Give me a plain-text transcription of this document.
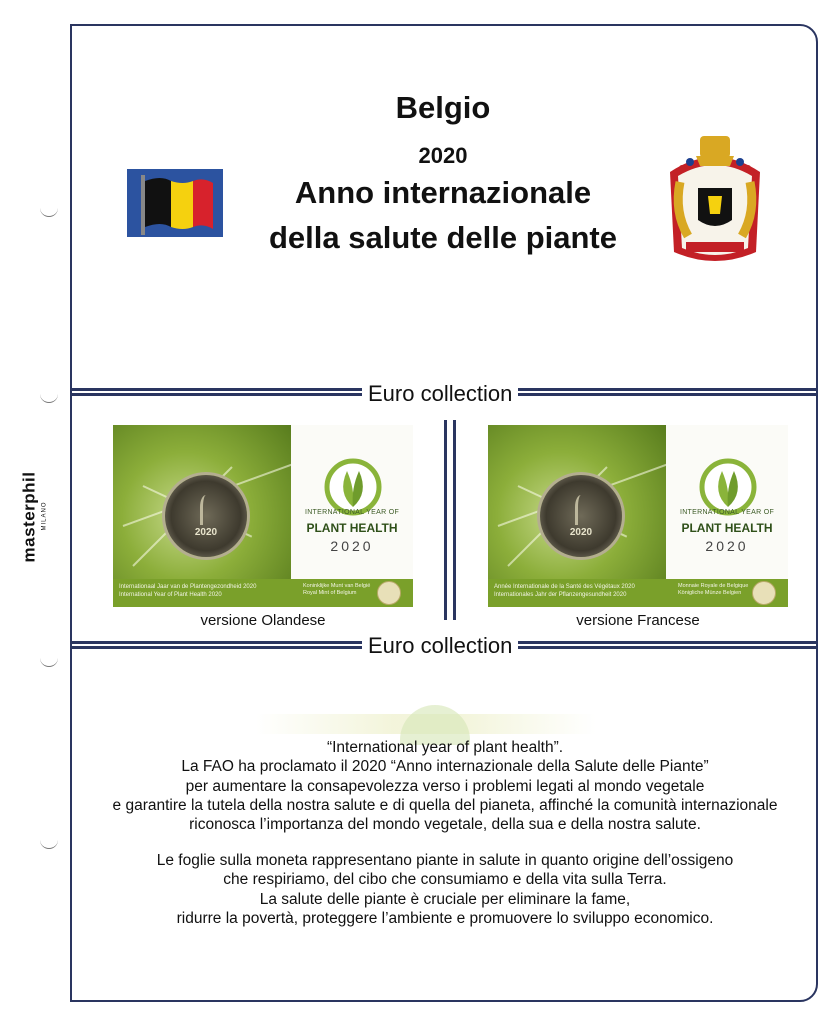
masterphil MILANO
Belgio
2020
Anno internazionale
della salute delle piante
Euro collection
INTERNATIONAL YEAR OF
PLANT HEALTH
2020
Internationaal Jaar van de Plantengezondheid 2020
International Year of Plant Health 2020
Koninklijke Munt van België
Royal Mint of Belgium
2020
INTERNATIONAL YEAR OF
PLANT HEALTH
2020
Année Internationale de la Santé des Végétaux 2020
Internationales Jahr der Pflanzengesundheit 2020
Monnaie Royale de Belgique
Königliche Münze Belgien
2020
versione Olandese	versione Francese
Euro collection
“International year of plant health”.
La FAO ha proclamato il 2020 “Anno internazionale della Salute delle Piante”
per aumentare la consapevolezza verso i problemi legati al mondo vegetale
e garantire la tutela della nostra salute e di quella del pianeta, affinché la comunità internazionale
riconosca l’importanza del mondo vegetale, della sua e della nostra salute.
Le foglie sulla moneta rappresentano piante in salute in quanto origine dell’ossigeno
che respiriamo, del cibo che consumiamo e della vita sulla Terra.
La salute delle piante è cruciale per eliminare la fame,
ridurre la povertà, proteggere l’ambiente e promuovere lo sviluppo economico.
